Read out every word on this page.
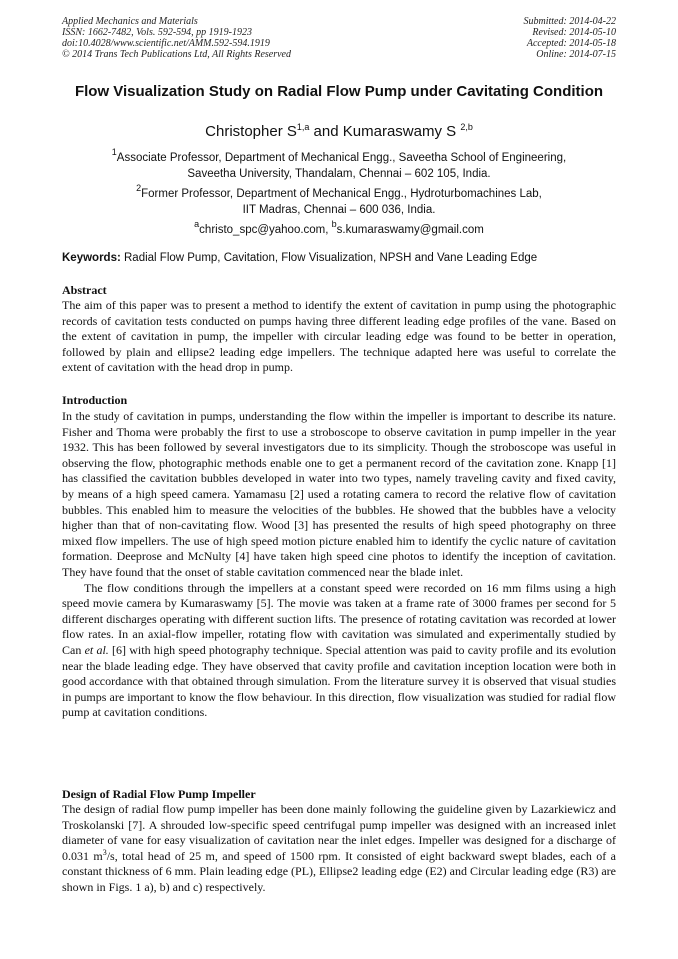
Applied Mechanics and Materials
ISSN: 1662-7482, Vols. 592-594, pp 1919-1923
doi:10.4028/www.scientific.net/AMM.592-594.1919
© 2014 Trans Tech Publications Ltd, All Rights Reserved
Submitted: 2014-04-22
Revised: 2014-05-10
Accepted: 2014-05-18
Online: 2014-07-15
Flow Visualization Study on Radial Flow Pump under Cavitating Condition
Christopher S$^{1,a}$ and Kumaraswamy S $^{2,b}$
$^1$Associate Professor, Department of Mechanical Engg., Saveetha School of Engineering,
Saveetha University, Thandalam, Chennai – 602 105, India.
$^2$Former Professor, Department of Mechanical Engg., Hydroturbomachines Lab,
IIT Madras, Chennai – 600 036, India.
$^a$christo_spc@yahoo.com, $^b$s.kumaraswamy@gmail.com
Keywords: Radial Flow Pump, Cavitation, Flow Visualization, NPSH and Vane Leading Edge
Abstract

The aim of this paper was to present a method to identify the extent of cavitation in pump using the photographic records of cavitation tests conducted on pumps having three different leading edge profiles of the vane. Based on the extent of cavitation in pump, the impeller with circular leading edge was found to be better in operation, followed by plain and ellipse2 leading edge impellers. The technique adapted here was useful to correlate the extent of cavitation with the head drop in pump.

Introduction

In the study of cavitation in pumps, understanding the flow within the impeller is important to describe its nature. Fisher and Thoma were probably the first to use a stroboscope to observe cavitation in pump impeller in the year 1932. This has been followed by several investigators due to its simplicity. Though the stroboscope was useful in observing the flow, photographic methods enable one to get a permanent record of the cavitation zone. Knapp [1] has classified the cavitation bubbles developed in water into two types, namely traveling cavity and fixed cavity, by means of a high speed camera. Yamamasu [2] used a rotating camera to record the relative flow of cavitation bubbles. This enabled him to measure the velocities of the bubbles. He showed that the bubbles have a velocity higher than that of non-cavitating flow. Wood [3] has presented the results of high speed photography on three mixed flow impellers. The use of high speed motion picture enabled him to identify the cyclic nature of cavitation formation. Deeprose and McNulty [4] have taken high speed cine photos to identify the inception of cavitation. They have found that the onset of stable cavitation commenced near the blade inlet.

The flow conditions through the impellers at a constant speed were recorded on 16 mm films using a high speed movie camera by Kumaraswamy [5]. The movie was taken at a frame rate of 3000 frames per second for 5 different discharges operating with different suction lifts. The presence of rotating cavitation was recorded at lower flow rates. In an axial-flow impeller, rotating flow with cavitation was simulated and experimentally studied by Can et al. [6] with high speed photography technique. Special attention was paid to cavity profile and its evolution near the blade leading edge. They have observed that cavity profile and cavitation inception location were both in good accordance with that obtained through simulation. From the literature survey it is observed that visual studies in pumps are important to know the flow behaviour. In this direction, flow visualization was studied for radial flow pump at cavitation conditions.

Design of Radial Flow Pump Impeller

The design of radial flow pump impeller has been done mainly following the guideline given by Lazarkiewicz and Troskolanski [7]. A shrouded low-specific speed centrifugal pump impeller was designed with an increased inlet diameter of vane for easy visualization of cavitation near the inlet edges. Impeller was designed for a discharge of 0.031 $m^3/s$, total head of 25 m, and speed of 1500 rpm. It consisted of eight backward swept blades, each of a constant thickness of 6 mm. Plain leading edge (PL), Ellipse2 leading edge (E2) and Circular leading edge (R3) are shown in Figs. 1 a), b) and c) respectively.
